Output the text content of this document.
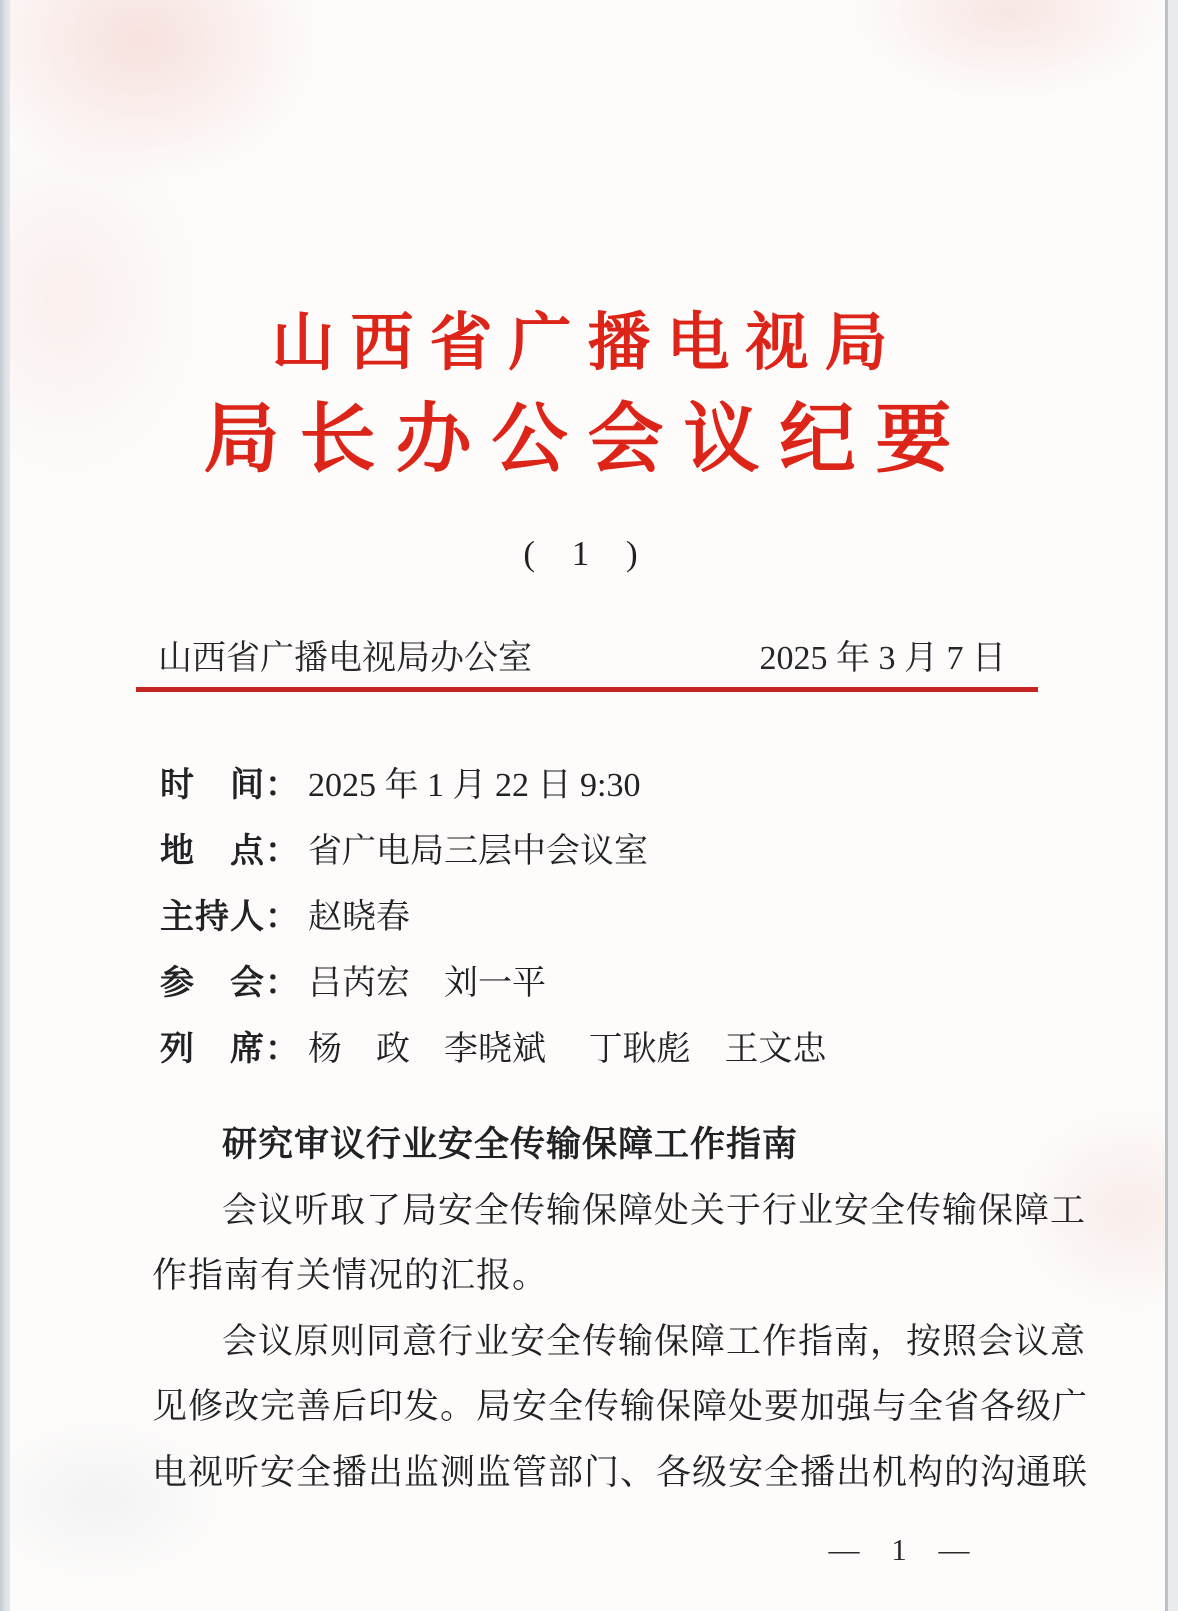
山西省广播电视局
局长办公会议纪要
( 1 )
山西省广播电视局办公室	2025 年 3 月 7 日
时　间： 2025 年 1 月 22 日 9:30
地　点： 省广电局三层中会议室
主持人： 赵晓春
参　会： 吕芮宏　刘一平
列　席： 杨　政　李晓斌　 丁耿彪　王文忠
研究审议行业安全传输保障工作指南
会议听取了局安全传输保障处关于行业安全传输保障工
作指南有关情况的汇报。
会议原则同意行业安全传输保障工作指南，按照会议意
见修改完善后印发。局安全传输保障处要加强与全省各级广
电视听安全播出监测监管部门、各级安全播出机构的沟通联
— 1 —
